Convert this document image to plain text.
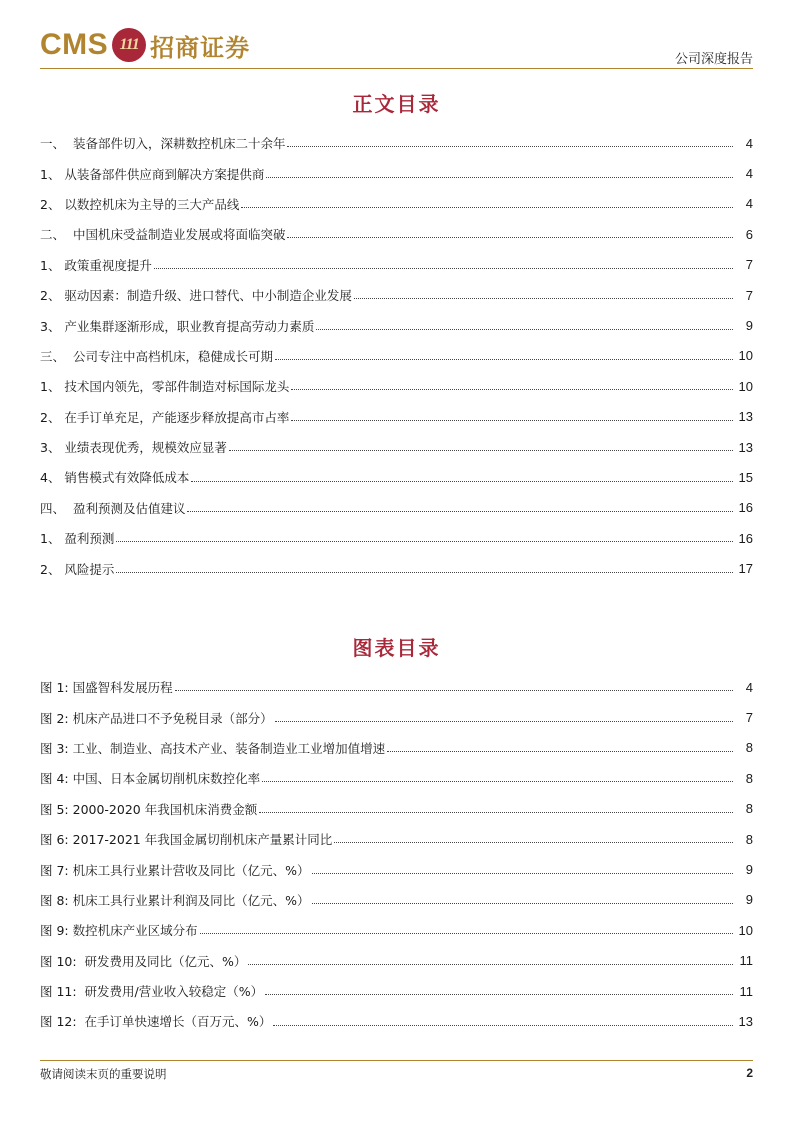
CMS 111 招商证券	公司深度报告
正文目录
一、  装备部件切入，深耕数控机床二十余年	4
1、 从装备部件供应商到解决方案提供商	4
2、 以数控机床为主导的三大产品线	4
二、  中国机床受益制造业发展或将面临突破	6
1、 政策重视度提升	7
2、 驱动因素：制造升级、进口替代、中小制造企业发展	7
3、 产业集群逐渐形成，职业教育提高劳动力素质	9
三、  公司专注中高档机床，稳健成长可期	10
1、 技术国内领先，零部件制造对标国际龙头	10
2、 在手订单充足，产能逐步释放提高市占率	13
3、 业绩表现优秀，规模效应显著	13
4、 销售模式有效降低成本	15
四、  盈利预测及估值建议	16
1、 盈利预测	16
2、 风险提示	17
图表目录
图 1: 国盛智科发展历程	4
图 2: 机床产品进口不予免税目录（部分）	7
图 3: 工业、制造业、高技术产业、装备制造业工业增加值增速	8
图 4: 中国、日本金属切削机床数控化率	8
图 5: 2000-2020 年我国机床消费金额	8
图 6: 2017-2021 年我国金属切削机床产量累计同比	8
图 7: 机床工具行业累计营收及同比（亿元、%）	9
图 8: 机床工具行业累计利润及同比（亿元、%）	9
图 9: 数控机床产业区域分布	10
图 10:  研发费用及同比（亿元、%）	11
图 11:  研发费用/营业收入较稳定（%）	11
图 12:  在手订单快速增长（百万元、%）	13
敬请阅读末页的重要说明	2
